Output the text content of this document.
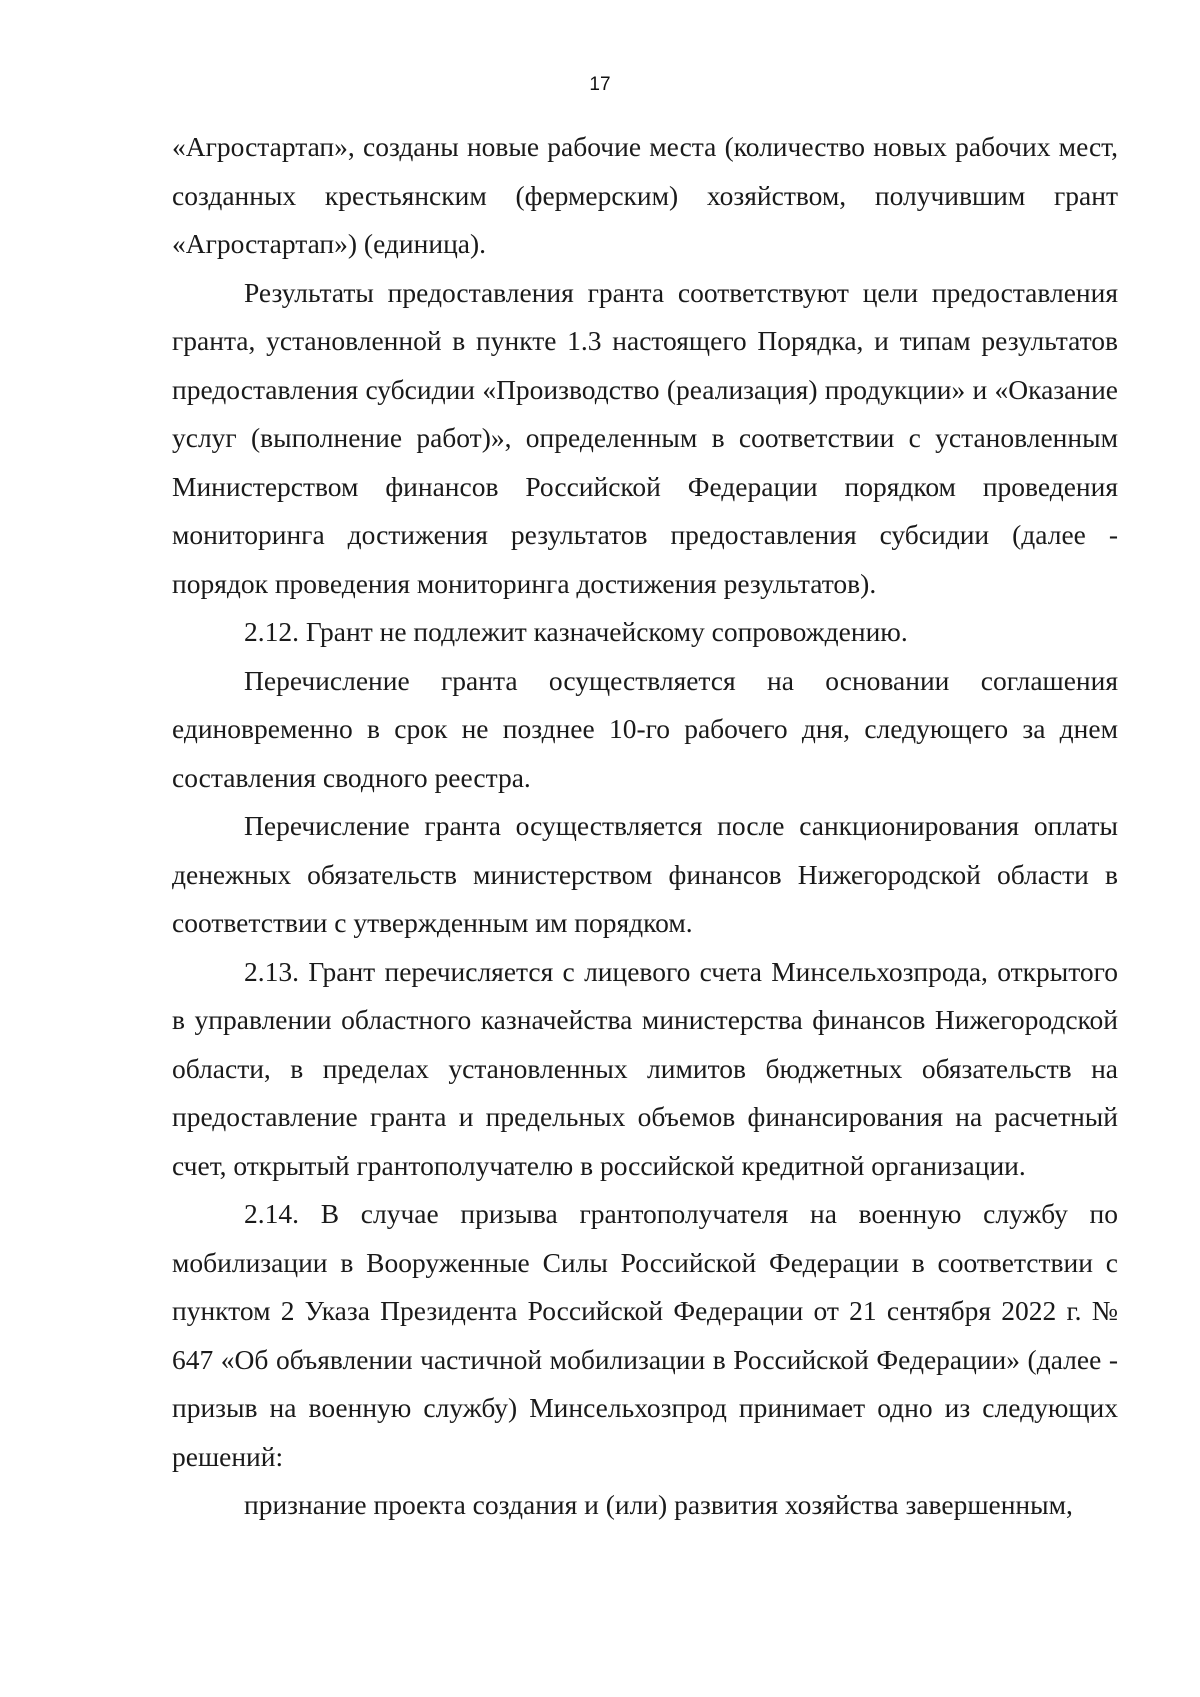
17

«Агростартап», созданы новые рабочие места (количество новых рабочих мест, созданных крестьянским (фермерским) хозяйством, получившим грант «Агростартап») (единица).

Результаты предоставления гранта соответствуют цели предоставления гранта, установленной в пункте 1.3 настоящего Порядка, и типам результатов предоставления субсидии «Производство (реализация) продукции» и «Оказание услуг (выполнение работ)», определенным в соответствии с установленным Министерством финансов Российской Федерации порядком проведения мониторинга достижения результатов предоставления субсидии (далее - порядок проведения мониторинга достижения результатов).

2.12. Грант не подлежит казначейскому сопровождению.

Перечисление гранта осуществляется на основании соглашения единовременно в срок не позднее 10-го рабочего дня, следующего за днем составления сводного реестра.

Перечисление гранта осуществляется после санкционирования оплаты денежных обязательств министерством финансов Нижегородской области в соответствии с утвержденным им порядком.

2.13. Грант перечисляется с лицевого счета Минсельхозпрода, открытого в управлении областного казначейства министерства финансов Нижегородской области, в пределах установленных лимитов бюджетных обязательств на предоставление гранта и предельных объемов финансирования на расчетный счет, открытый грантополучателю в российской кредитной организации.

2.14. В случае призыва грантополучателя на военную службу по мобилизации в Вооруженные Силы Российской Федерации в соответствии с пунктом 2 Указа Президента Российской Федерации от 21 сентября 2022 г. № 647 «Об объявлении частичной мобилизации в Российской Федерации» (далее - призыв на военную службу) Минсельхозпрод принимает одно из следующих решений:

признание проекта создания и (или) развития хозяйства завершенным,
